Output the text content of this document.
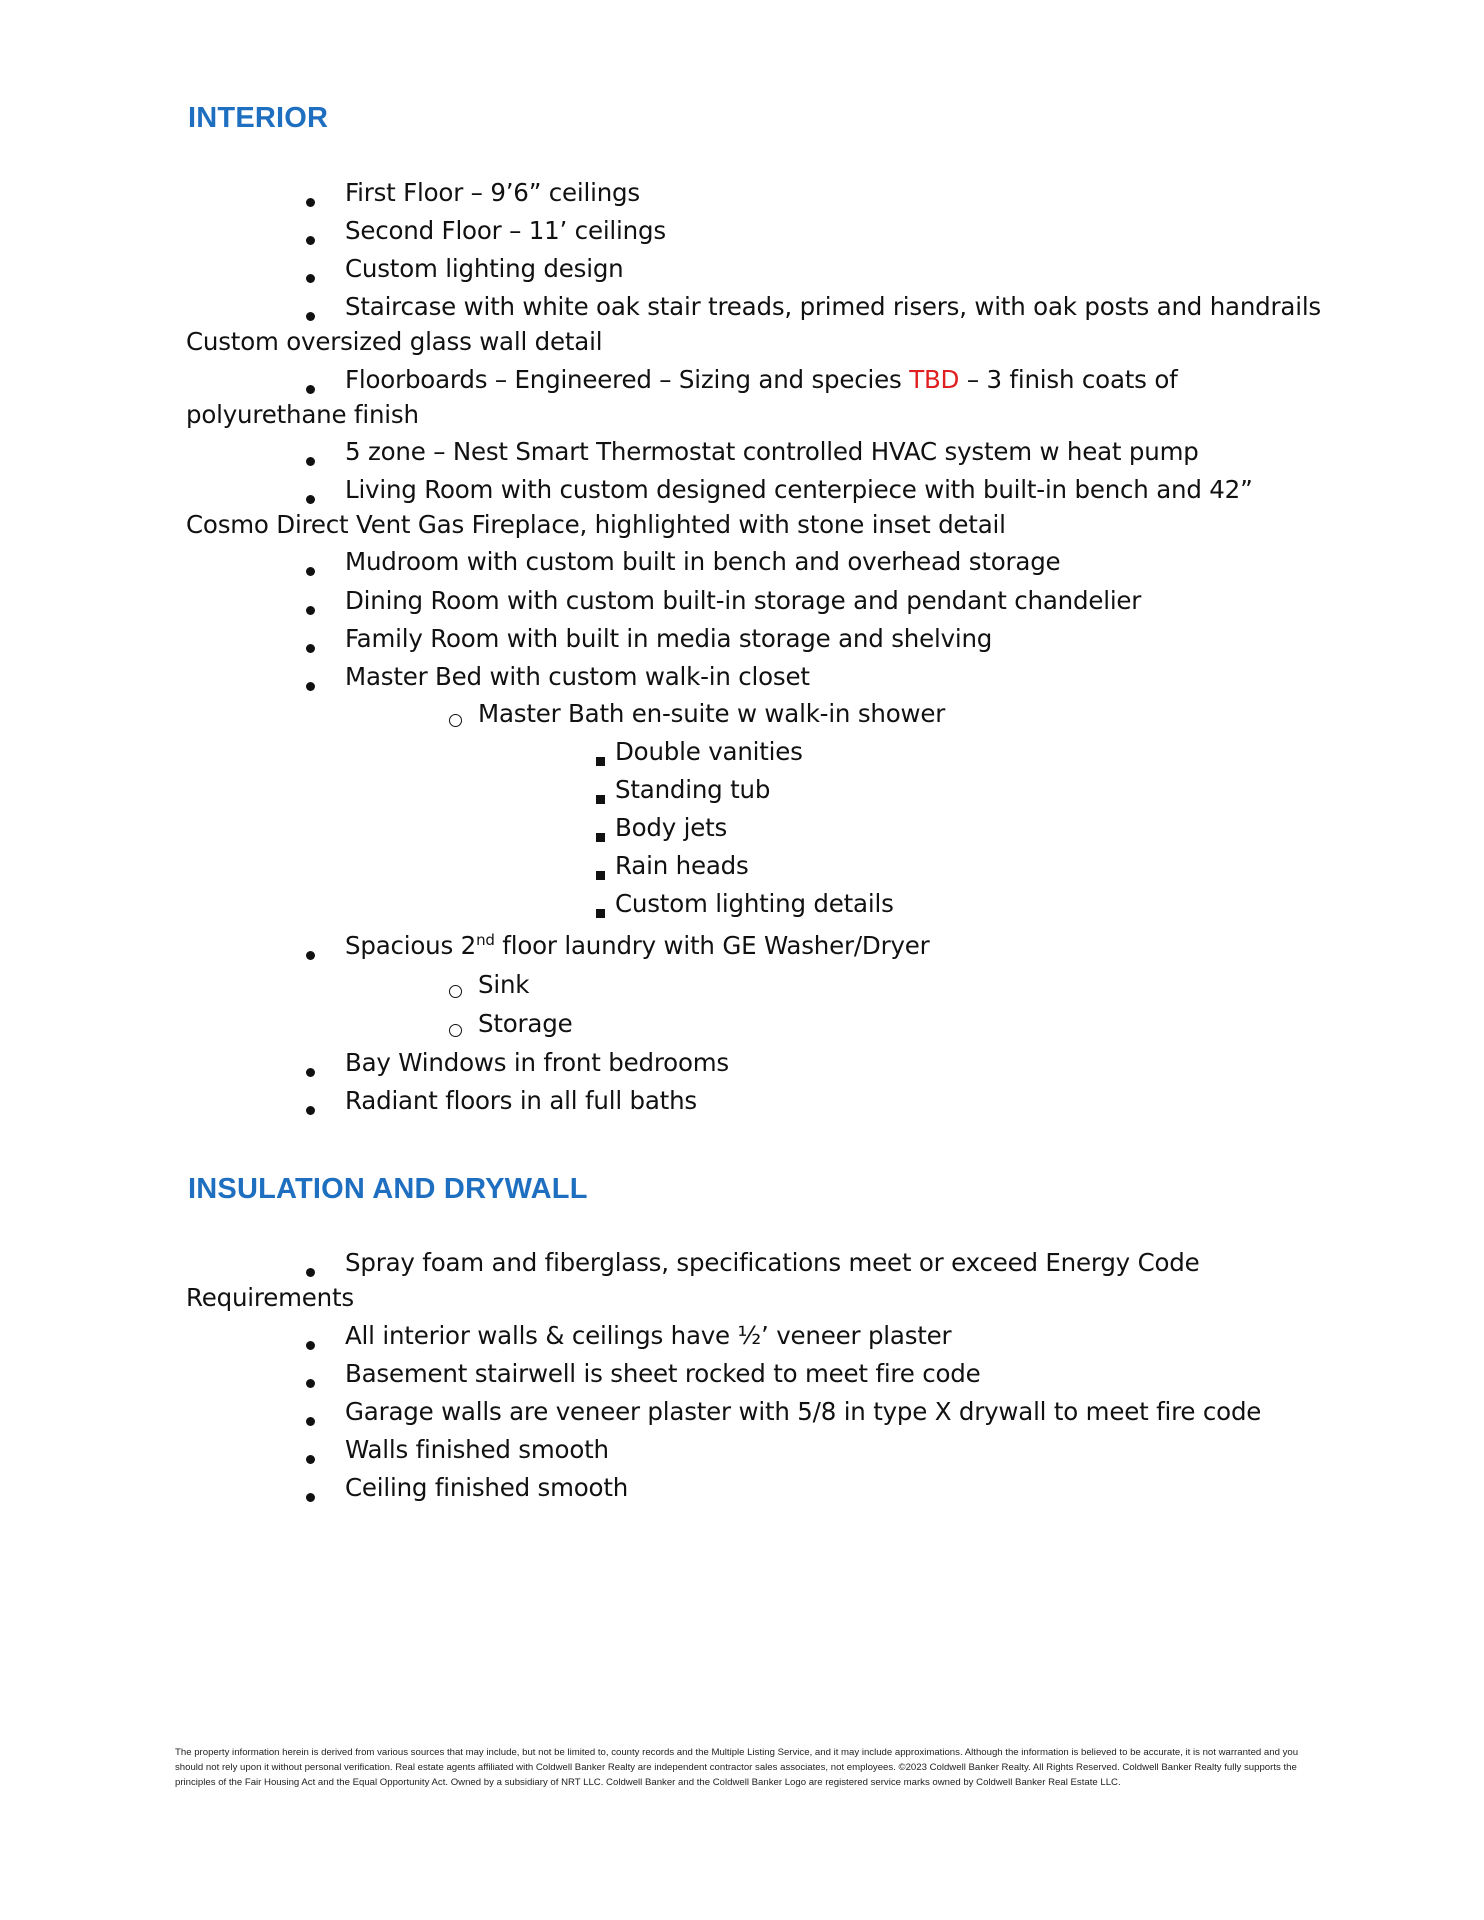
INTERIOR
First Floor – 9’6” ceilings
Second Floor – 11’ ceilings
Custom lighting design
Staircase with white oak stair treads, primed risers, with oak posts and handrails
Custom oversized glass wall detail
Floorboards – Engineered – Sizing and species TBD – 3 finish coats of
polyurethane finish
5 zone – Nest Smart Thermostat controlled HVAC system w heat pump
Living Room with custom designed centerpiece with built-in bench and 42”
Cosmo Direct Vent Gas Fireplace, highlighted with stone inset detail
Mudroom with custom built in bench and overhead storage
Dining Room with custom built-in storage and pendant chandelier
Family Room with built in media storage and shelving
Master Bed with custom walk-in closet
Master Bath en-suite w walk-in shower
Double vanities
Standing tub
Body jets
Rain heads
Custom lighting details
Spacious 2nd floor laundry with GE Washer/Dryer
Sink
Storage
Bay Windows in front bedrooms
Radiant floors in all full baths
INSULATION AND DRYWALL
Spray foam and fiberglass, specifications meet or exceed Energy Code
Requirements
All interior walls & ceilings have ½’ veneer plaster
Basement stairwell is sheet rocked to meet fire code
Garage walls are veneer plaster with 5/8 in type X drywall to meet fire code
Walls finished smooth
Ceiling finished smooth
The property information herein is derived from various sources that may include, but not be limited to, county records and the Multiple Listing Service, and it may include approximations. Although the information is believed to be accurate, it is not warranted and you should not rely upon it without personal verification. Real estate agents affiliated with Coldwell Banker Realty are independent contractor sales associates, not employees. ©2023 Coldwell Banker Realty. All Rights Reserved. Coldwell Banker Realty fully supports the principles of the Fair Housing Act and the Equal Opportunity Act. Owned by a subsidiary of NRT LLC. Coldwell Banker and the Coldwell Banker Logo are registered service marks owned by Coldwell Banker Real Estate LLC.
